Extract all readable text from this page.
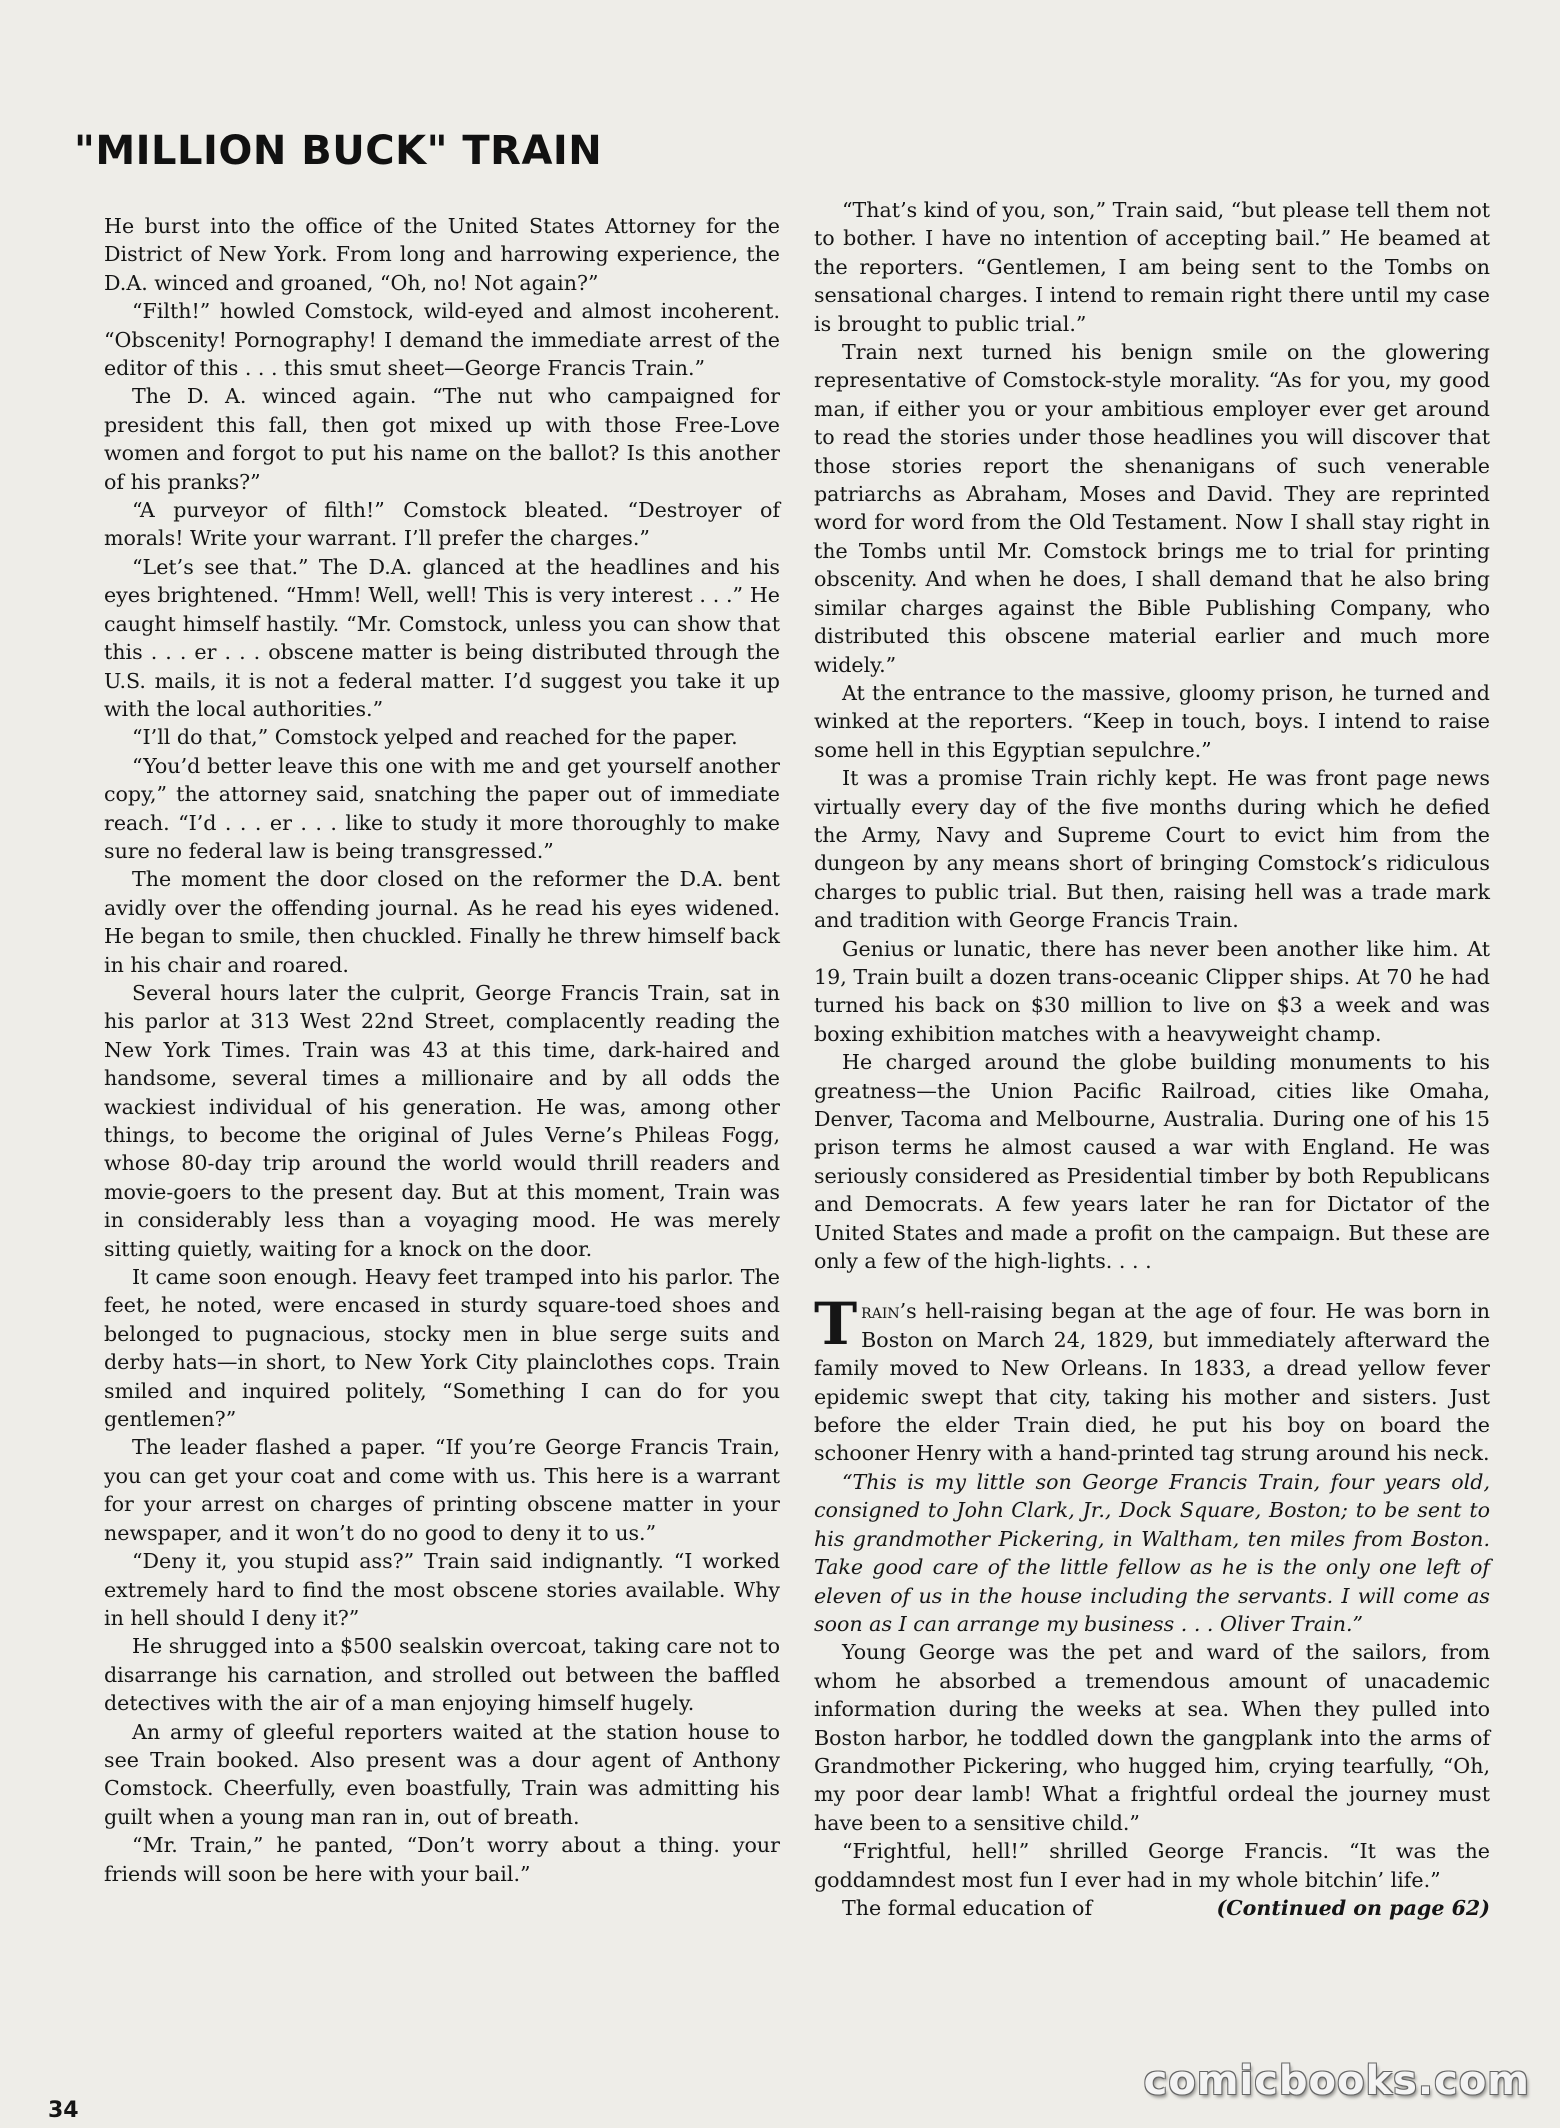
"MILLION BUCK" TRAIN

He burst into the office of the United States Attorney for the District of New York. From long and harrowing experience, the D.A. winced and groaned, “Oh, no! Not again?”

“Filth!” howled Comstock, wild-eyed and almost incoherent. “Obscenity! Pornography! I demand the immediate arrest of the editor of this . . . this smut sheet—George Francis Train.”

The D. A. winced again. “The nut who campaigned for president this fall, then got mixed up with those Free-Love women and forgot to put his name on the ballot? Is this another of his pranks?”

“A purveyor of filth!” Comstock bleated. “Destroyer of morals! Write your warrant. I’ll prefer the charges.”

“Let’s see that.” The D.A. glanced at the headlines and his eyes brightened. “Hmm! Well, well! This is very interest . . .” He caught himself hastily. “Mr. Comstock, unless you can show that this . . . er . . . obscene matter is being distributed through the U.S. mails, it is not a federal matter. I’d suggest you take it up with the local authorities.”

“I’ll do that,” Comstock yelped and reached for the paper.

“You’d better leave this one with me and get yourself another copy,” the attorney said, snatching the paper out of immediate reach. “I’d . . . er . . . like to study it more thoroughly to make sure no federal law is being transgressed.”

The moment the door closed on the reformer the D.A. bent avidly over the offending journal. As he read his eyes widened. He began to smile, then chuckled. Finally he threw himself back in his chair and roared.

Several hours later the culprit, George Francis Train, sat in his parlor at 313 West 22nd Street, complacently reading the New York Times. Train was 43 at this time, dark-haired and handsome, several times a millionaire and by all odds the wackiest individual of his generation. He was, among other things, to become the original of Jules Verne’s Phileas Fogg, whose 80-day trip around the world would thrill readers and movie-goers to the present day. But at this moment, Train was in considerably less than a voyaging mood. He was merely sitting quietly, waiting for a knock on the door.

It came soon enough. Heavy feet tramped into his parlor. The feet, he noted, were encased in sturdy square-toed shoes and belonged to pugnacious, stocky men in blue serge suits and derby hats—in short, to New York City plainclothes cops. Train smiled and inquired politely, “Something I can do for you gentlemen?”

The leader flashed a paper. “If you’re George Francis Train, you can get your coat and come with us. This here is a warrant for your arrest on charges of printing obscene matter in your newspaper, and it won’t do no good to deny it to us.”

“Deny it, you stupid ass?” Train said indignantly. “I worked extremely hard to find the most obscene stories available. Why in hell should I deny it?”

He shrugged into a $500 sealskin overcoat, taking care not to disarrange his carnation, and strolled out between the baffled detectives with the air of a man enjoying himself hugely.

An army of gleeful reporters waited at the station house to see Train booked. Also present was a dour agent of Anthony Comstock. Cheerfully, even boastfully, Train was admitting his guilt when a young man ran in, out of breath.

“Mr. Train,” he panted, “Don’t worry about a thing. your friends will soon be here with your bail.”

“That’s kind of you, son,” Train said, “but please tell them not to bother. I have no intention of accepting bail.” He beamed at the reporters. “Gentlemen, I am being sent to the Tombs on sensational charges. I intend to remain right there until my case is brought to public trial.”

Train next turned his benign smile on the glowering representative of Comstock-style morality. “As for you, my good man, if either you or your ambitious employer ever get around to read the stories under those headlines you will discover that those stories report the shenanigans of such venerable patriarchs as Abraham, Moses and David. They are reprinted word for word from the Old Testament. Now I shall stay right in the Tombs until Mr. Comstock brings me to trial for printing obscenity. And when he does, I shall demand that he also bring similar charges against the Bible Publishing Company, who distributed this obscene material earlier and much more widely.”

At the entrance to the massive, gloomy prison, he turned and winked at the reporters. “Keep in touch, boys. I intend to raise some hell in this Egyptian sepulchre.”

It was a promise Train richly kept. He was front page news virtually every day of the five months during which he defied the Army, Navy and Supreme Court to evict him from the dungeon by any means short of bringing Comstock’s ridiculous charges to public trial. But then, raising hell was a trade mark and tradition with George Francis Train.

Genius or lunatic, there has never been another like him. At 19, Train built a dozen trans-oceanic Clipper ships. At 70 he had turned his back on $30 million to live on $3 a week and was boxing exhibition matches with a heavyweight champ.

He charged around the globe building monuments to his greatness—the Union Pacific Railroad, cities like Omaha, Denver, Tacoma and Melbourne, Australia. During one of his 15 prison terms he almost caused a war with England. He was seriously considered as Presidential timber by both Republicans and Democrats. A few years later he ran for Dictator of the United States and made a profit on the campaign. But these are only a few of the high-lights. . . .

Train’s hell-raising began at the age of four. He was born in Boston on March 24, 1829, but immediately afterward the family moved to New Orleans. In 1833, a dread yellow fever epidemic swept that city, taking his mother and sisters. Just before the elder Train died, he put his boy on board the schooner Henry with a hand-printed tag strung around his neck.

“This is my little son George Francis Train, four years old, consigned to John Clark, Jr., Dock Square, Boston; to be sent to his grandmother Pickering, in Waltham, ten miles from Boston. Take good care of the little fellow as he is the only one left of eleven of us in the house including the servants. I will come as soon as I can arrange my business . . . Oliver Train.”

Young George was the pet and ward of the sailors, from whom he absorbed a tremendous amount of unacademic information during the weeks at sea. When they pulled into Boston harbor, he toddled down the gangplank into the arms of Grandmother Pickering, who hugged him, crying tearfully, “Oh, my poor dear lamb! What a frightful ordeal the journey must have been to a sensitive child.”

“Frightful, hell!” shrilled George Francis. “It was the goddamndest most fun I ever had in my whole bitchin’ life.”

The formal education of	(Continued on page 62)

34
comicbooks.com
